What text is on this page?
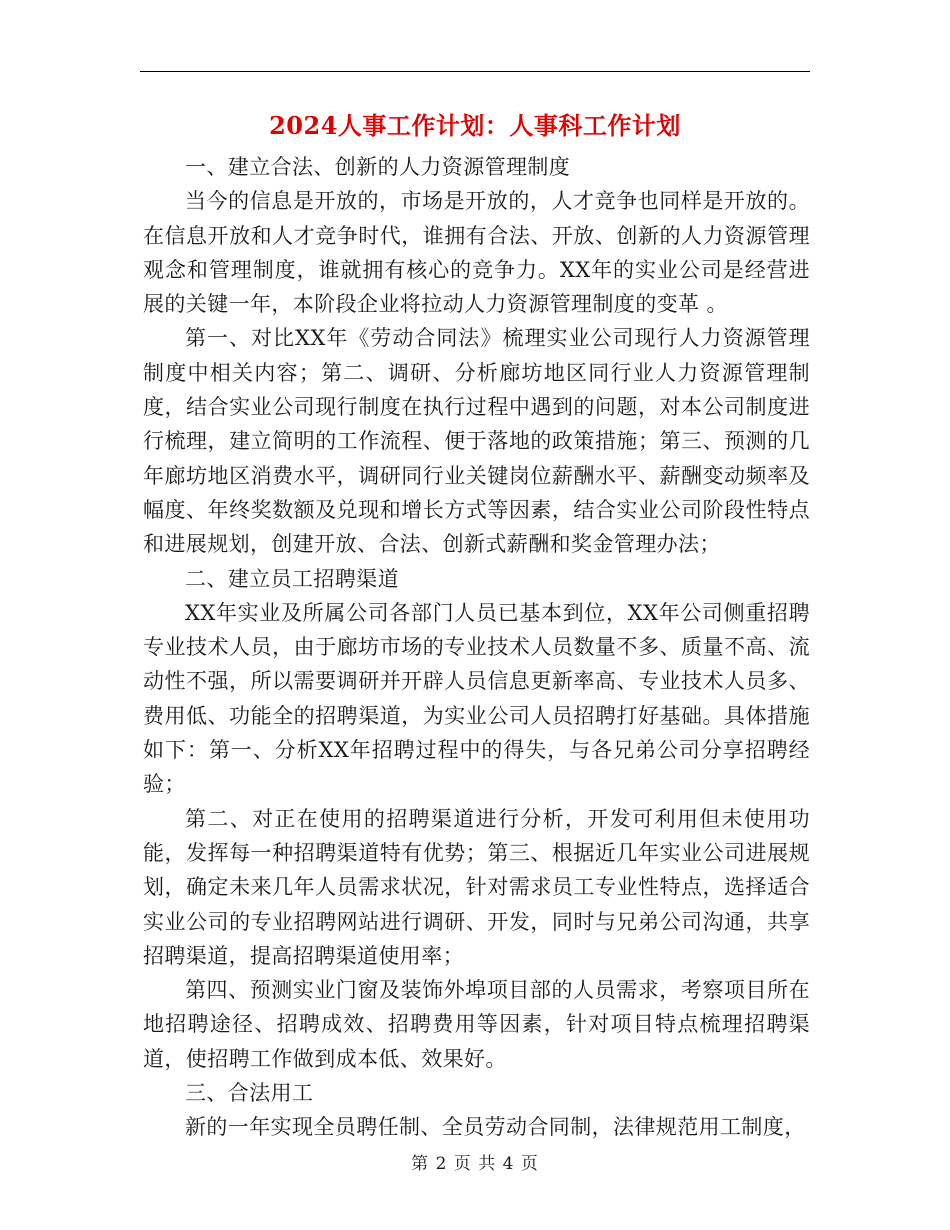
2024人事工作计划：人事科工作计划

一、建立合法、创新的人力资源管理制度

当今的信息是开放的，市场是开放的，人才竞争也同样是开放的。在信息开放和人才竞争时代，谁拥有合法、开放、创新的人力资源管理观念和管理制度，谁就拥有核心的竞争力。XX年的实业公司是经营进展的关键一年，本阶段企业将拉动人力资源管理制度的变革 。

第一、对比XX年《劳动合同法》梳理实业公司现行人力资源管理制度中相关内容；第二、调研、分析廊坊地区同行业人力资源管理制度，结合实业公司现行制度在执行过程中遇到的问题，对本公司制度进行梳理，建立简明的工作流程、便于落地的政策措施；第三、预测的几年廊坊地区消费水平，调研同行业关键岗位薪酬水平、薪酬变动频率及幅度、年终奖数额及兑现和增长方式等因素，结合实业公司阶段性特点和进展规划，创建开放、合法、创新式薪酬和奖金管理办法；

二、建立员工招聘渠道

XX年实业及所属公司各部门人员已基本到位，XX年公司侧重招聘专业技术人员，由于廊坊市场的专业技术人员数量不多、质量不高、流动性不强，所以需要调研并开辟人员信息更新率高、专业技术人员多、费用低、功能全的招聘渠道，为实业公司人员招聘打好基础。具体措施如下：第一、分析XX年招聘过程中的得失，与各兄弟公司分享招聘经验；

第二、对正在使用的招聘渠道进行分析，开发可利用但未使用功能，发挥每一种招聘渠道特有优势；第三、根据近几年实业公司进展规划，确定未来几年人员需求状况，针对需求员工专业性特点，选择适合实业公司的专业招聘网站进行调研、开发，同时与兄弟公司沟通，共享招聘渠道，提高招聘渠道使用率；

第四、预测实业门窗及装饰外埠项目部的人员需求，考察项目所在地招聘途径、招聘成效、招聘费用等因素，针对项目特点梳理招聘渠道，使招聘工作做到成本低、效果好。

三、合法用工

新的一年实现全员聘任制、全员劳动合同制，法律规范用工制度，

第 2 页 共 4 页
